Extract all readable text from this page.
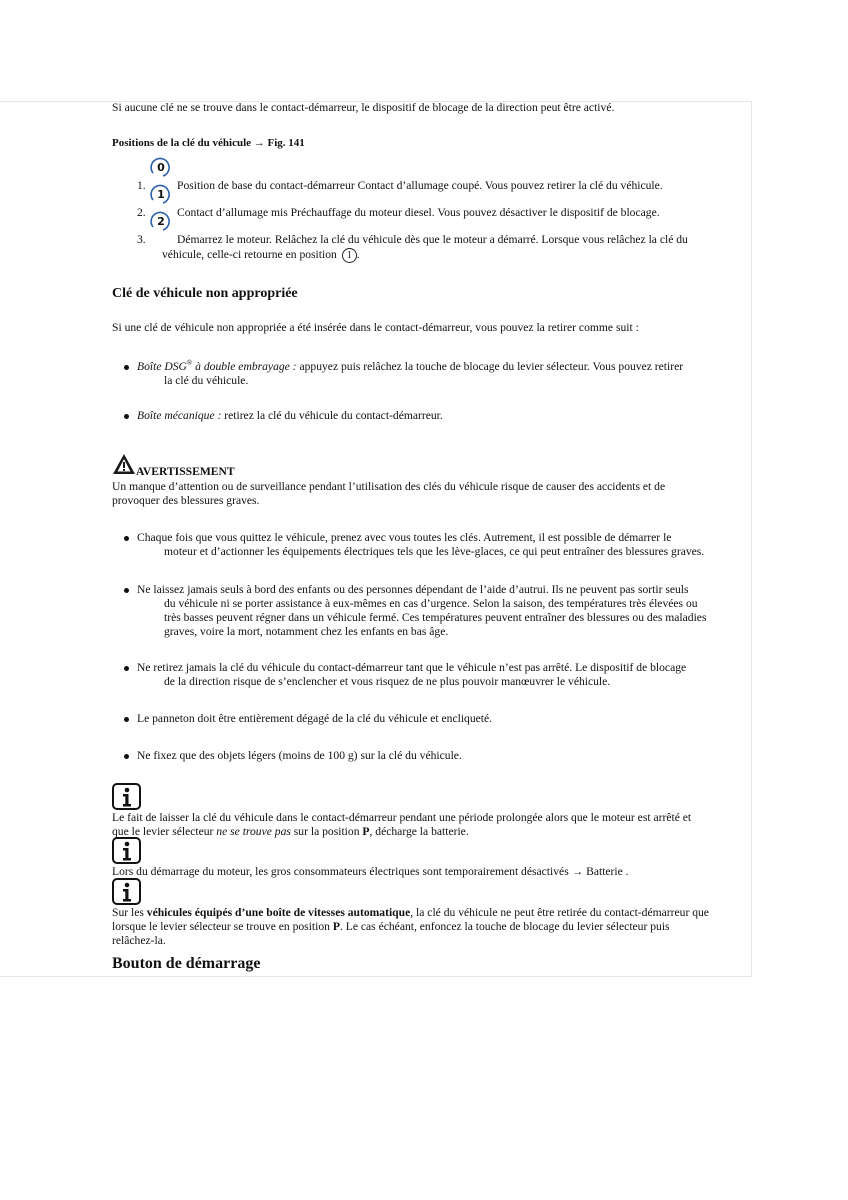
Si aucune clé ne se trouve dans le contact-démarreur, le dispositif de blocage de la direction peut être activé.

Positions de la clé du véhicule → Fig. 141

1.
0
Position de base du contact-démarreur Contact d’allumage coupé. Vous pouvez retirer la clé du véhicule.
2.
1
Contact d’allumage mis Préchauffage du moteur diesel. Vous pouvez désactiver le dispositif de blocage.
3.
2
Démarrez le moteur. Relâchez la clé du véhicule dès que le moteur a démarré. Lorsque vous relâchez la clé du
véhicule, celle-ci retourne en position 1 .
Clé de véhicule non appropriée

Si une clé de véhicule non appropriée a été insérée dans le contact-démarreur, vous pouvez la retirer comme suit :

Boîte DSG® à double embrayage : appuyez puis relâchez la touche de blocage du levier sélecteur. Vous pouvez retirer
la clé du véhicule.
Boîte mécanique : retirez la clé du véhicule du contact-démarreur.
AVERTISSEMENT

Un manque d’attention ou de surveillance pendant l’utilisation des clés du véhicule risque de causer des accidents et de
provoquer des blessures graves.

Chaque fois que vous quittez le véhicule, prenez avec vous toutes les clés. Autrement, il est possible de démarrer le
moteur et d’actionner les équipements électriques tels que les lève-glaces, ce qui peut entraîner des blessures graves.
Ne laissez jamais seuls à bord des enfants ou des personnes dépendant de l’aide d’autrui. Ils ne peuvent pas sortir seuls
du véhicule ni se porter assistance à eux-mêmes en cas d’urgence. Selon la saison, des températures très élevées ou
très basses peuvent régner dans un véhicule fermé. Ces températures peuvent entraîner des blessures ou des maladies
graves, voire la mort, notamment chez les enfants en bas âge.
Ne retirez jamais la clé du véhicule du contact-démarreur tant que le véhicule n’est pas arrêté. Le dispositif de blocage
de la direction risque de s’enclencher et vous risquez de ne plus pouvoir manœuvrer le véhicule.
Le panneton doit être entièrement dégagé de la clé du véhicule et encliqueté.
Ne fixez que des objets légers (moins de 100 g) sur la clé du véhicule.

Le fait de laisser la clé du véhicule dans le contact-démarreur pendant une période prolongée alors que le moteur est arrêté et
que le levier sélecteur ne se trouve pas sur la position P, décharge la batterie.

Lors du démarrage du moteur, les gros consommateurs électriques sont temporairement désactivés → Batterie .

Sur les véhicules équipés d’une boîte de vitesses automatique, la clé du véhicule ne peut être retirée du contact-démarreur que
lorsque le levier sélecteur se trouve en position P. Le cas échéant, enfoncez la touche de blocage du levier sélecteur puis
relâchez-la.

Bouton de démarrage
